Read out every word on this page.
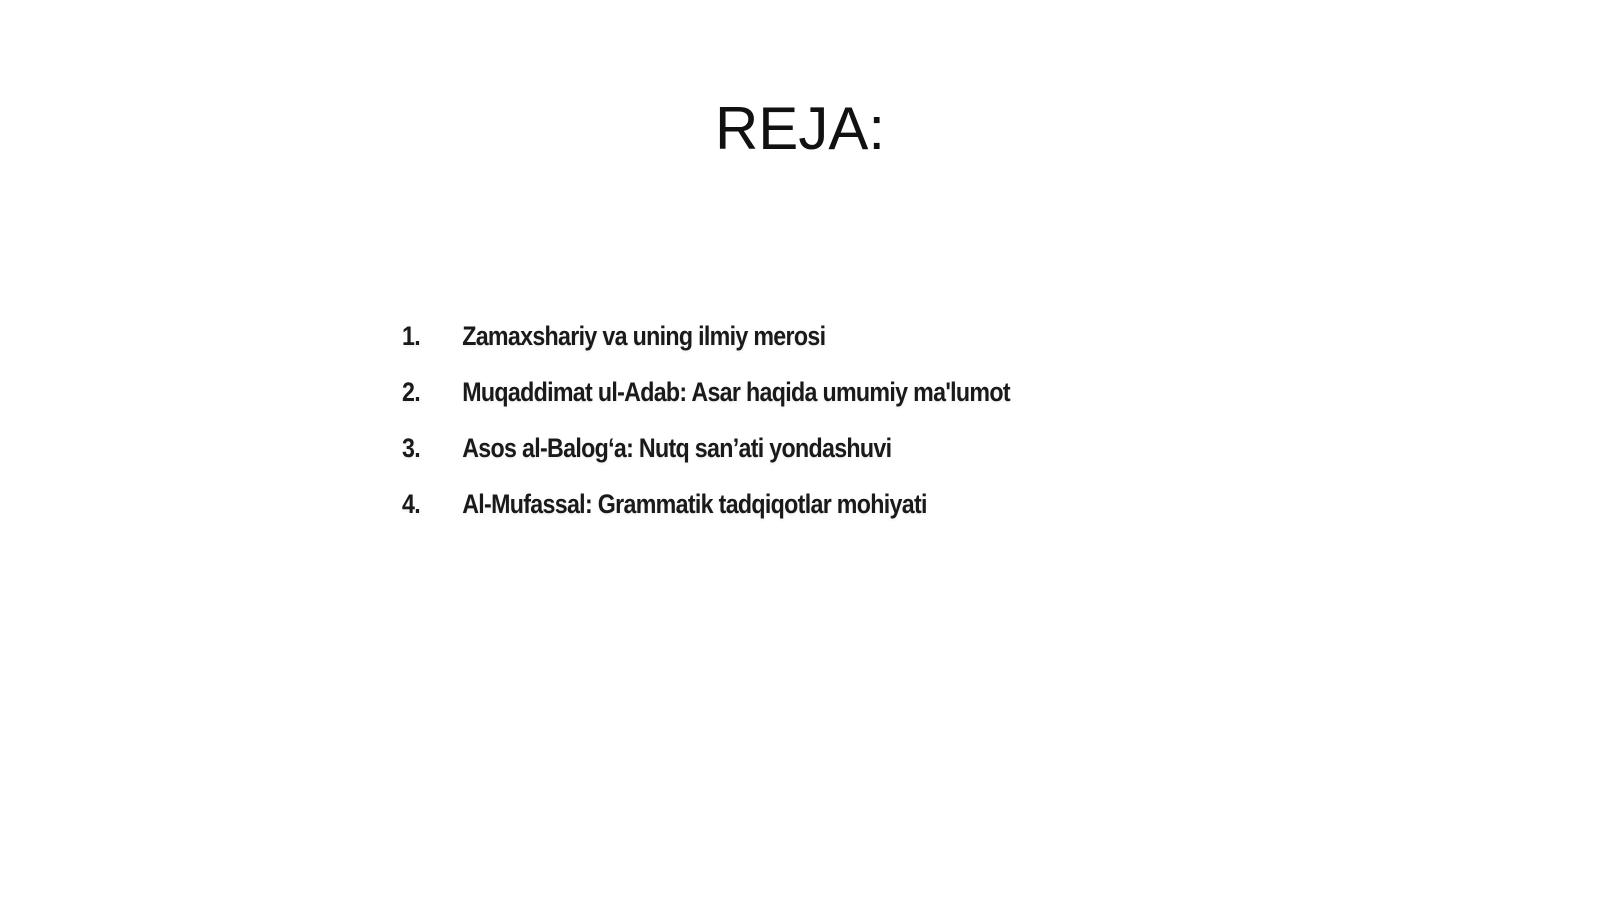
REJA:
1.	Zamaxshariy va uning ilmiy merosi
2.	Muqaddimat ul-Adab: Asar haqida umumiy ma'lumot
3.	Asos al-Balog‘a: Nutq san’ati yondashuvi
4.	Al-Mufassal: Grammatik tadqiqotlar mohiyati
